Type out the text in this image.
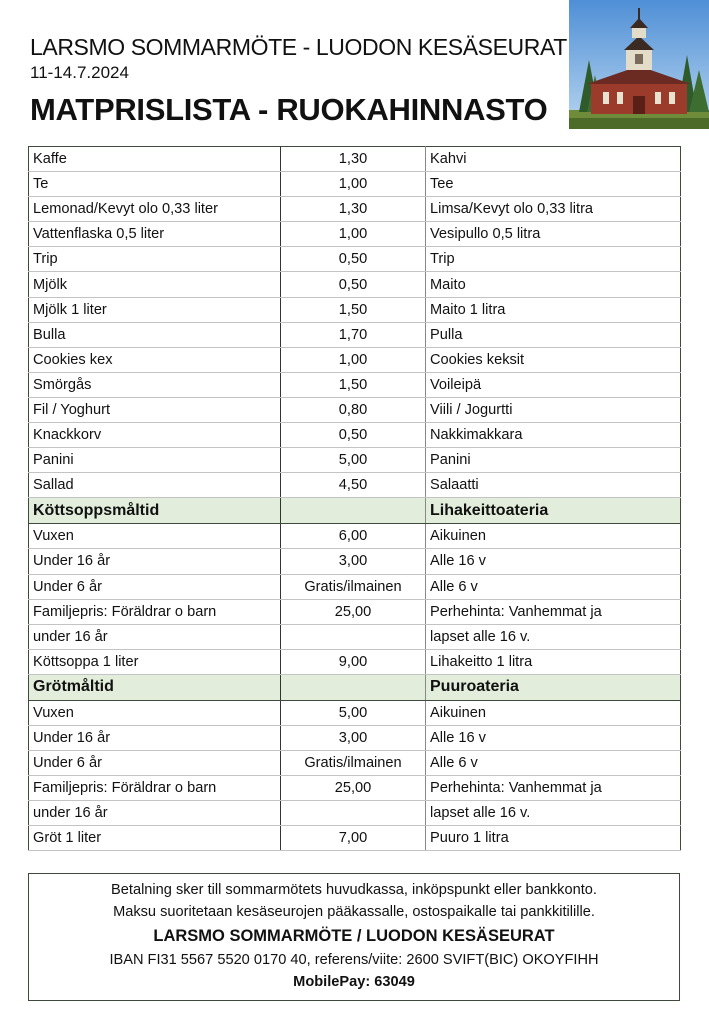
LARSMO SOMMARMÖTE - LUODON KESÄSEURAT
11-14.7.2024
MATPRISLISTA - RUOKAHINNASTO
Kaffe	1,30	Kahvi
Te	1,00	Tee
Lemonad/Kevyt olo 0,33 liter	1,30	Limsa/Kevyt olo 0,33 litra
Vattenflaska 0,5 liter	1,00	Vesipullo 0,5 litra
Trip	0,50	Trip
Mjölk	0,50	Maito
Mjölk 1 liter	1,50	Maito 1 litra
Bulla	1,70	Pulla
Cookies kex	1,00	Cookies keksit
Smörgås	1,50	Voileipä
Fil / Yoghurt	0,80	Viili / Jogurtti
Knackkorv	0,50	Nakkimakkara
Panini	5,00	Panini
Sallad	4,50	Salaatti
Köttsoppsmåltid		Lihakeittoateria
Vuxen	6,00	Aikuinen
Under 16 år	3,00	Alle 16 v
Under 6 år	Gratis/ilmainen	Alle 6 v
Familjepris: Föräldrar o barn	25,00	Perhehinta: Vanhemmat ja
under 16 år		lapset alle 16 v.
Köttsoppa 1 liter	9,00	Lihakeitto 1 litra
Grötmåltid		Puuroateria
Vuxen	5,00	Aikuinen
Under 16 år	3,00	Alle 16 v
Under 6 år	Gratis/ilmainen	Alle 6 v
Familjepris: Föräldrar o barn	25,00	Perhehinta: Vanhemmat ja
under 16 år		lapset alle 16 v.
Gröt 1 liter	7,00	Puuro 1 litra
Betalning sker till sommarmötets huvudkassa, inköpspunkt eller bankkonto.
Maksu suoritetaan kesäseurojen pääkassalle, ostospaikalle tai pankkitilille.
LARSMO SOMMARMÖTE / LUODON KESÄSEURAT
IBAN FI31 5567 5520 0170 40, referens/viite: 2600 SVIFT(BIC) OKOYFIHH
MobilePay: 63049
